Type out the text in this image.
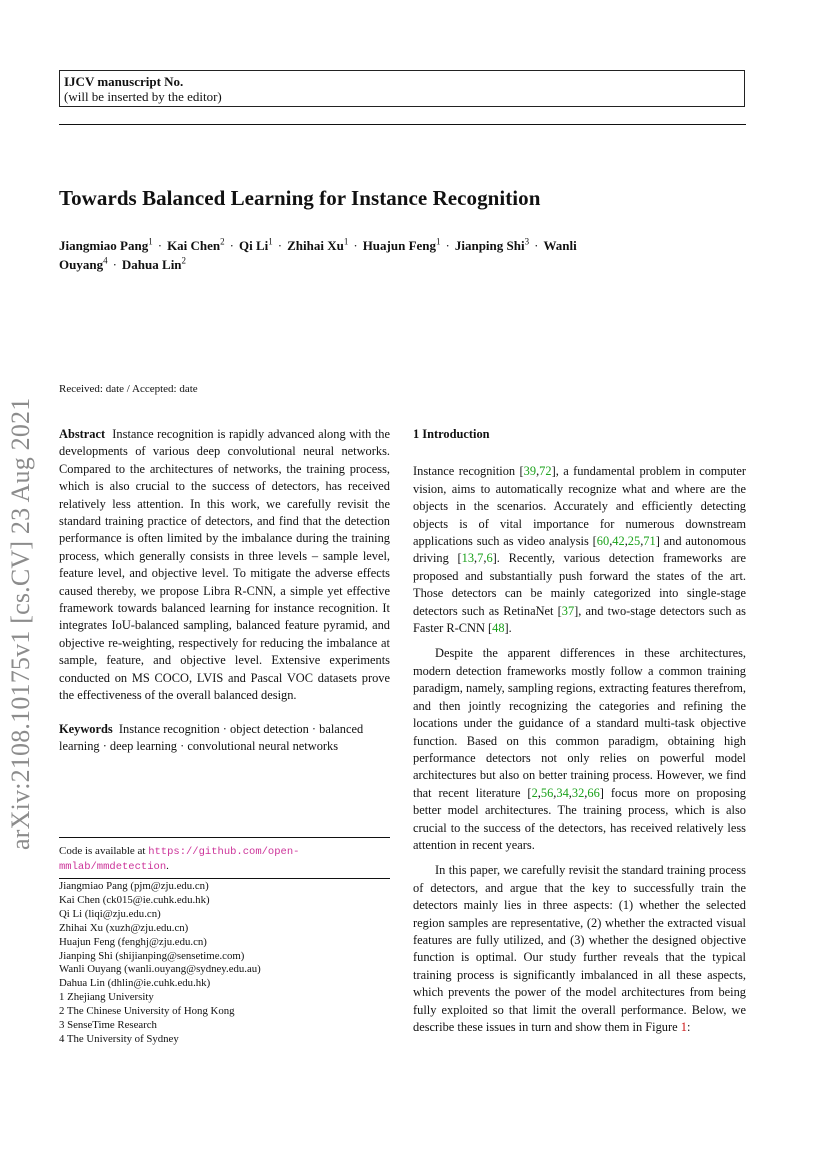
IJCV manuscript No.
(will be inserted by the editor)
Towards Balanced Learning for Instance Recognition
Jiangmiao Pang$^1$ · Kai Chen$^2$ · Qi $Li^1$ · Zhihai $Xu^1$ · Huajun Feng$^1$ · Jianping Shi$^3$ · Wanli Ouyang$^4$ · Dahua Lin$^2$
arXiv:2108.10175v1 [cs.CV] 23 Aug 2021
Received: date / Accepted: date

Abstract Instance recognition is rapidly advanced along with the developments of various deep convolutional neural networks. Compared to the architectures of networks, the training process, which is also crucial to the success of detectors, has received relatively less attention. In this work, we carefully revisit the standard training practice of detectors, and find that the detection performance is often limited by the imbalance during the training process, which generally consists in three levels – sample level, feature level, and objective level. To mitigate the adverse effects caused thereby, we propose Libra R-CNN, a simple yet effective framework towards balanced learning for instance recognition. It integrates IoU-balanced sampling, balanced feature pyramid, and objective re-weighting, respectively for reducing the imbalance at sample, feature, and objective level. Extensive experiments conducted on MS COCO, LVIS and Pascal VOC datasets prove the effectiveness of the overall balanced design.

Keywords Instance recognition · object detection · balanced learning · deep learning · convolutional neural networks

Code is available at https://github.com/open-mmlab/mmdetection.
Jiangmiao Pang (pjm@zju.edu.cn)
Kai Chen (ck015@ie.cuhk.edu.hk)
Qi Li (liqi@zju.edu.cn)
Zhihai Xu (xuzh@zju.edu.cn)
Huajun Feng (fenghj@zju.edu.cn)
Jianping Shi (shijianping@sensetime.com)
Wanli Ouyang (wanli.ouyang@sydney.edu.au)
Dahua Lin (dhlin@ie.cuhk.edu.hk)
1 Zhejiang University
2 The Chinese University of Hong Kong
3 SenseTime Research
4 The University of Sydney

1 Introduction

Instance recognition [39,72], a fundamental problem in computer vision, aims to automatically recognize what and where are the objects in the scenarios. Accurately and efficiently detecting objects is of vital importance for numerous downstream applications such as video analysis [60,42,25,71] and autonomous driving [13,7,6]. Recently, various detection frameworks are proposed and substantially push forward the states of the art. Those detectors can be mainly categorized into single-stage detectors such as RetinaNet [37], and two-stage detectors such as Faster R-CNN [48].

Despite the apparent differences in these architectures, modern detection frameworks mostly follow a common training paradigm, namely, sampling regions, extracting features therefrom, and then jointly recognizing the categories and refining the locations under the guidance of a standard multi-task objective function. Based on this common paradigm, obtaining high performance detectors not only relies on powerful model architectures but also on better training process. However, we find that recent literature [2,56,34,32,66] focus more on proposing better model architectures. The training process, which is also crucial to the success of the detectors, has received relatively less attention in recent years.

In this paper, we carefully revisit the standard training process of detectors, and argue that the key to successfully train the detectors mainly lies in three aspects: (1) whether the selected region samples are representative, (2) whether the extracted visual features are fully utilized, and (3) whether the designed objective function is optimal. Our study further reveals that the typical training process is significantly imbalanced in all these aspects, which prevents the power of the model architectures from being fully exploited so that limit the overall performance. Below, we describe these issues in turn and show them in Figure 1:
